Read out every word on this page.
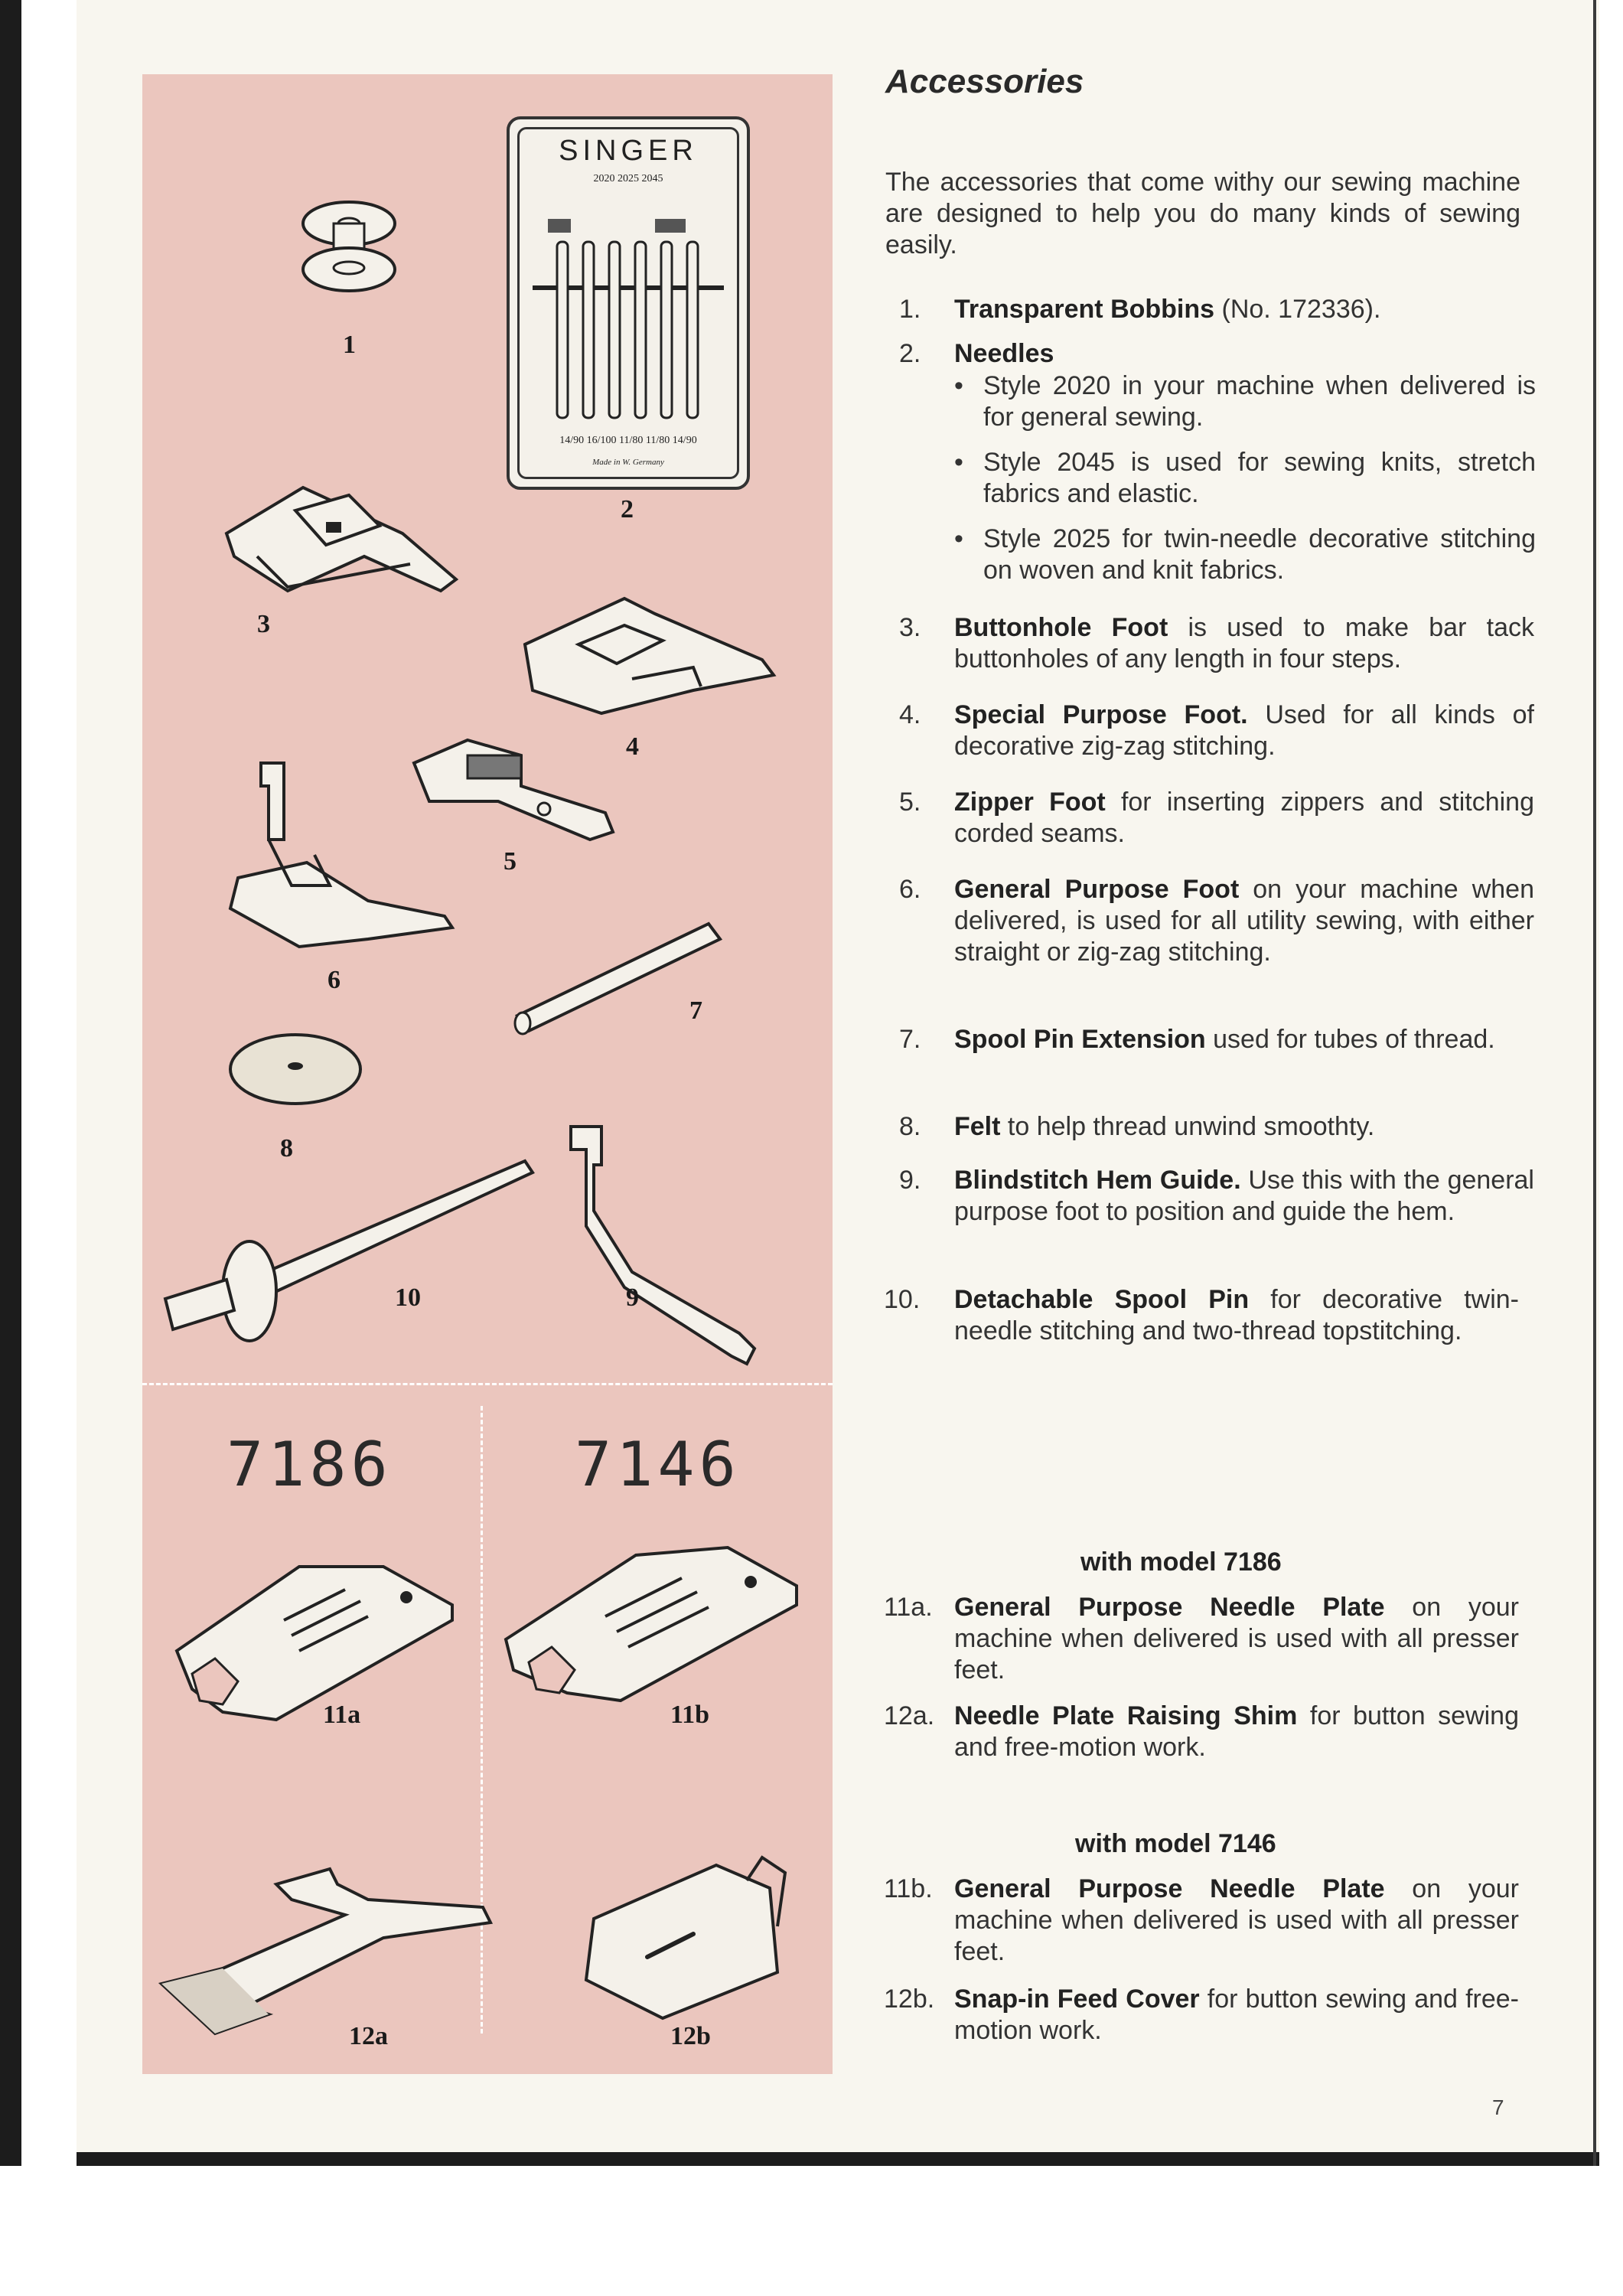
1
SINGER
2020 2025 2045
14/90 16/100 11/80 11/80 14/90
Made in W. Germany
2
3
4
5
6
7
8
9
10
7186	7146
11a	11b
12a	12b
Accessories
The accessories that come withy our sewing machine are designed to help you do many kinds of sewing easily.
1. Transparent Bobbins (No. 172336).
2. Needles
• Style 2020 in your machine when delivered is for general sewing.
• Style 2045 is used for sewing knits, stretch fabrics and elastic.
• Style 2025 for twin-needle decorative stitching on woven and knit fabrics.
3. Buttonhole Foot is used to make bar tack buttonholes of any length in four steps.
4. Special Purpose Foot. Used for all kinds of decorative zig-zag stitching.
5. Zipper Foot for inserting zippers and stitching corded seams.
6. General Purpose Foot on your machine when delivered, is used for all utility sewing, with either straight or zig-zag stitching.
7. Spool Pin Extension used for tubes of thread.
8. Felt to help thread unwind smoothty.
9. Blindstitch Hem Guide. Use this with the general purpose foot to position and guide the hem.
10. Detachable Spool Pin for decorative twin-needle stitching and two-thread topstitching.
with model 7186
11a. General Purpose Needle Plate on your machine when delivered is used with all presser feet.
12a. Needle Plate Raising Shim for button sewing and free-motion work.
with model 7146
11b. General Purpose Needle Plate on your machine when delivered is used with all presser feet.
12b. Snap-in Feed Cover for button sewing and free-motion work.
7
